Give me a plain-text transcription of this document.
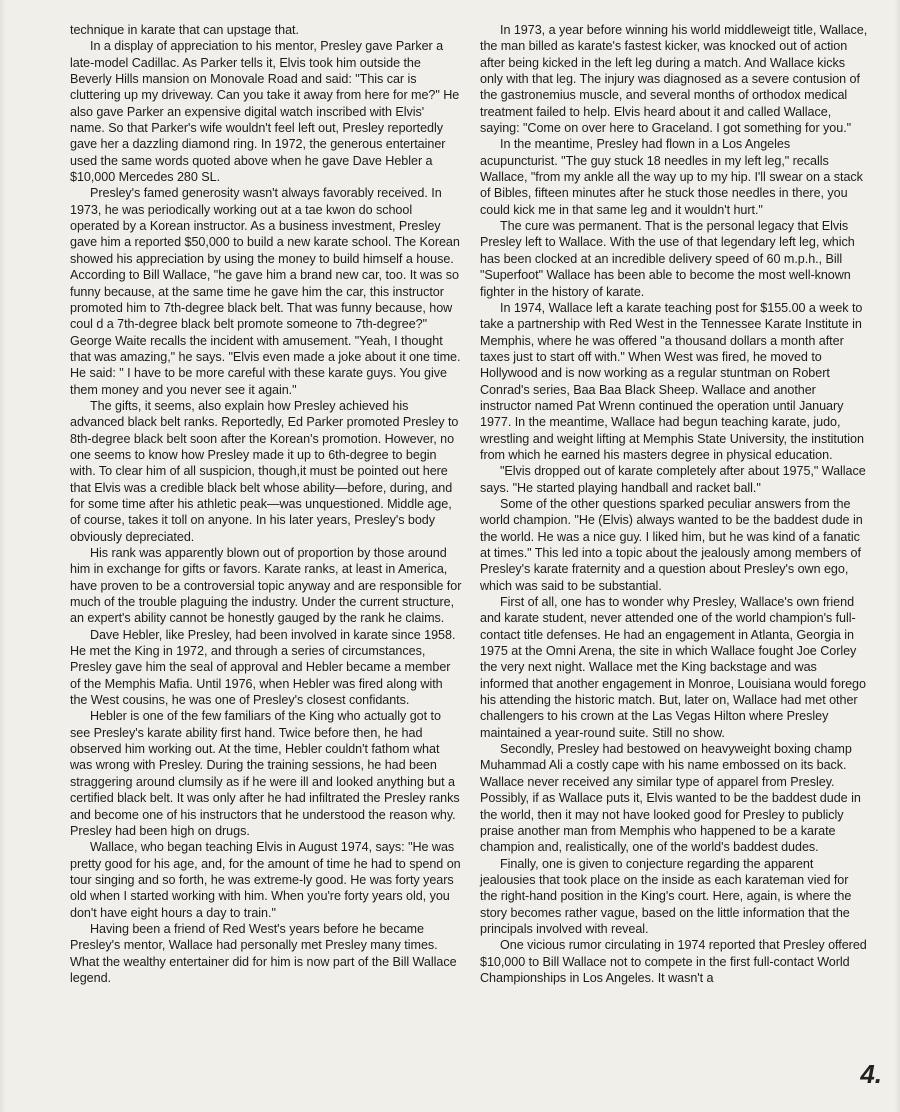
technique in karate that can upstage that.

In a display of appreciation to his mentor, Presley gave Parker a late-model Cadillac. As Parker tells it, Elvis took him outside the Beverly Hills mansion on Monovale Road and said: "This car is cluttering up my driveway. Can you take it away from here for me?" He also gave Parker an expensive digital watch inscribed with Elvis' name. So that Parker's wife wouldn't feel left out, Presley reportedly gave her a dazzling diamond ring. In 1972, the generous entertainer used the same words quoted above when he gave Dave Hebler a $10,000 Mercedes 280 SL.

Presley's famed generosity wasn't always favorably received. In 1973, he was periodically working out at a tae kwon do school operated by a Korean instructor. As a business investment, Presley gave him a reported $50,000 to build a new karate school. The Korean showed his appreciation by using the money to build himself a house. According to Bill Wallace, "he gave him a brand new car, too. It was so funny because, at the same time he gave him the car, this instructor promoted him to 7th-degree black belt. That was funny because, how coul d a 7th-degree black belt promote someone to 7th-degree?" George Waite recalls the incident with amusement. "Yeah, I thought that was amazing," he says. "Elvis even made a joke about it one time. He said: " I have to be more careful with these karate guys. You give them money and you never see it again."

The gifts, it seems, also explain how Presley achieved his advanced black belt ranks. Reportedly, Ed Parker promoted Presley to 8th-degree black belt soon after the Korean's promotion. However, no one seems to know how Presley made it up to 6th-degree to begin with. To clear him of all suspicion, though,it must be pointed out here that Elvis was a credible black belt whose ability—before, during, and for some time after his athletic peak—was unquestioned. Middle age, of course, takes it toll on anyone. In his later years, Presley's body obviously depreciated.

His rank was apparently blown out of proportion by those around him in exchange for gifts or favors. Karate ranks, at least in America, have proven to be a controversial topic anyway and are responsible for much of the trouble plaguing the industry. Under the current structure, an expert's ability cannot be honestly gauged by the rank he claims.

Dave Hebler, like Presley, had been involved in karate since 1958. He met the King in 1972, and through a series of circumstances, Presley gave him the seal of approval and Hebler became a member of the Memphis Mafia. Until 1976, when Hebler was fired along with the West cousins, he was one of Presley's closest confidants.

Hebler is one of the few familiars of the King who actually got to see Presley's karate ability first hand. Twice before then, he had observed him working out. At the time, Hebler couldn't fathom what was wrong with Presley. During the training sessions, he had been straggering around clumsily as if he were ill and looked anything but a certified black belt. It was only after he had infiltrated the Presley ranks and become one of his instructors that he understood the reason why. Presley had been high on drugs.

Wallace, who began teaching Elvis in August 1974, says: "He was pretty good for his age, and, for the amount of time he had to spend on tour singing and so forth, he was extreme-ly good. He was forty years old when I started working with him. When you're forty years old, you don't have eight hours a day to train."

Having been a friend of Red West's years before he became Presley's mentor, Wallace had personally met Presley many times. What the wealthy entertainer did for him is now part of the Bill Wallace legend.

In 1973, a year before winning his world middleweigt title, Wallace, the man billed as karate's fastest kicker, was knocked out of action after being kicked in the left leg during a match. And Wallace kicks only with that leg. The injury was diagnosed as a severe contusion of the gastronemius muscle, and several months of orthodox medical treatment failed to help. Elvis heard about it and called Wallace, saying: "Come on over here to Graceland. I got something for you."

In the meantime, Presley had flown in a Los Angeles acupuncturist. "The guy stuck 18 needles in my left leg," recalls Wallace, "from my ankle all the way up to my hip. I'll swear on a stack of Bibles, fifteen minutes after he stuck those needles in there, you could kick me in that same leg and it wouldn't hurt."

The cure was permanent. That is the personal legacy that Elvis Presley left to Wallace. With the use of that legendary left leg, which has been clocked at an incredible delivery speed of 60 m.p.h., Bill "Superfoot" Wallace has been able to become the most well-known fighter in the history of karate.

In 1974, Wallace left a karate teaching post for $155.00 a week to take a partnership with Red West in the Tennessee Karate Institute in Memphis, where he was offered "a thousand dollars a month after taxes just to start off with." When West was fired, he moved to Hollywood and is now working as a regular stuntman on Robert Conrad's series, Baa Baa Black Sheep. Wallace and another instructor named Pat Wrenn continued the operation until January 1977. In the meantime, Wallace had begun teaching karate, judo, wrestling and weight lifting at Memphis State University, the institution from which he earned his masters degree in physical education.

"Elvis dropped out of karate completely after about 1975," Wallace says. "He started playing handball and racket ball."

Some of the other questions sparked peculiar answers from the world champion. "He (Elvis) always wanted to be the baddest dude in the world. He was a nice guy. I liked him, but he was kind of a fanatic at times." This led into a topic about the jealously among members of Presley's karate fraternity and a question about Presley's own ego, which was said to be substantial.

First of all, one has to wonder why Presley, Wallace's own friend and karate student, never attended one of the world champion's full-contact title defenses. He had an engagement in Atlanta, Georgia in 1975 at the Omni Arena, the site in which Wallace fought Joe Corley the very next night. Wallace met the King backstage and was informed that another engagement in Monroe, Louisiana would forego his attending the historic match. But, later on, Wallace had met other challengers to his crown at the Las Vegas Hilton where Presley maintained a year-round suite. Still no show.

Secondly, Presley had bestowed on heavyweight boxing champ Muhammad Ali a costly cape with his name embossed on its back. Wallace never received any similar type of apparel from Presley. Possibly, if as Wallace puts it, Elvis wanted to be the baddest dude in the world, then it may not have looked good for Presley to publicly praise another man from Memphis who happened to be a karate champion and, realistically, one of the world's baddest dudes.

Finally, one is given to conjecture regarding the apparent jealousies that took place on the inside as each karateman vied for the right-hand position in the King's court. Here, again, is where the story becomes rather vague, based on the little information that the principals involved with reveal.

One vicious rumor circulating in 1974 reported that Presley offered $10,000 to Bill Wallace not to compete in the first full-contact World Championships in Los Angeles. It wasn't a

4.
